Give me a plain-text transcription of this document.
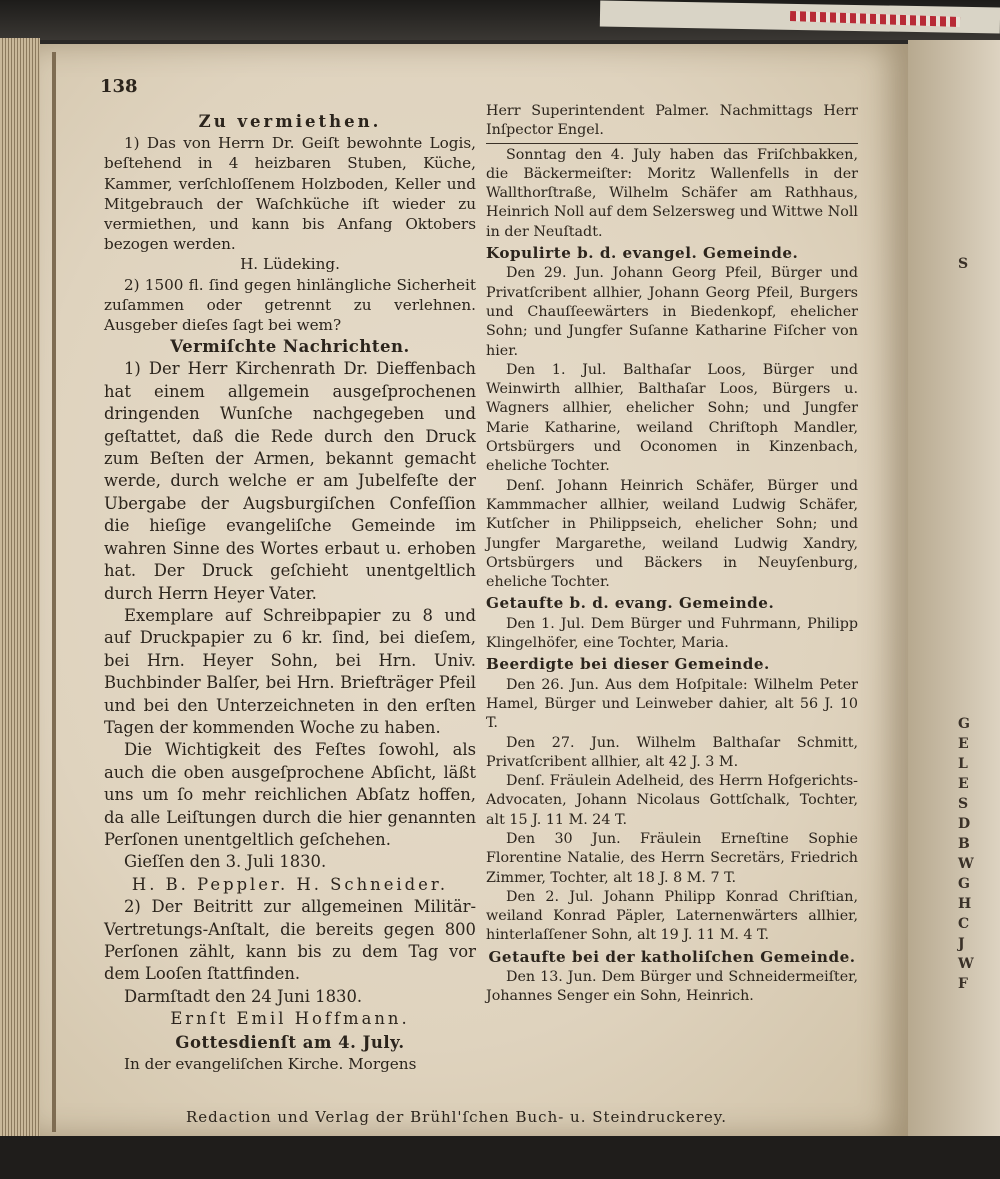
S
G
E
L
E
S
D
B
W
G
H
C
J
W
F
138
Zu vermiethen.

1) Das von Herrn Dr. Geiſt bewohnte Logis, beſtehend in 4 heizbaren Stuben, Küche, Kammer, verſchloſſenem Holzboden, Keller und Mitgebrauch der Waſchküche iſt wieder zu vermiethen, und kann bis Anfang Oktobers bezogen werden.

H. Lüdeking.

2) 1500 fl. ſind gegen hinlängliche Sicherheit zuſammen oder getrennt zu verlehnen. Ausgeber dieſes ſagt bei wem?

Vermiſchte Nachrichten.

1) Der Herr Kirchenrath Dr. Dieffenbach hat einem allgemein ausgeſprochenen dringenden Wunſche nachgegeben und geſtattet, daß die Rede durch den Druck zum Beſten der Armen, bekannt gemacht werde, durch welche er am Jubelfeſte der Ubergabe der Augsburgiſchen Confeſſion die hieſige evangeliſche Gemeinde im wahren Sinne des Wortes erbaut u. erhoben hat. Der Druck geſchieht unentgeltlich durch Herrn Heyer Vater.

Exemplare auf Schreibpapier zu 8 und auf Druckpapier zu 6 kr. ſind, bei dieſem, bei Hrn. Heyer Sohn, bei Hrn. Univ. Buchbinder Balſer, bei Hrn. Briefträger Pfeil und bei den Unterzeichneten in den erſten Tagen der kommenden Woche zu haben.

Die Wichtigkeit des Feſtes ſowohl, als auch die oben ausgeſprochene Abſicht, läßt uns um ſo mehr reichlichen Abſatz hoffen, da alle Leiſtungen durch die hier genannten Perſonen unentgeltlich geſchehen.

Gieſſen den 3. Juli 1830.

H. B. Peppler. H. Schneider.

2) Der Beitritt zur allgemeinen Militär-Vertretungs-Anſtalt, die bereits gegen 800 Perſonen zählt, kann bis zu dem Tag vor dem Looſen ſtattfinden.

Darmſtadt den 24 Juni 1830.

Ernſt Emil Hoffmann.

Gottesdienſt am 4. July.

In der evangeliſchen Kirche. Morgens

Herr Superintendent Palmer. Nachmittags Herr Inſpector Engel.

Sonntag den 4. July haben das Friſchbakken, die Bäckermeiſter: Moritz Wallenfells in der Wallthorſtraße, Wilhelm Schäfer am Rathhaus, Heinrich Noll auf dem Selzersweg und Wittwe Noll in der Neuſtadt.

Kopulirte b. d. evangel. Gemeinde.

Den 29. Jun. Johann Georg Pfeil, Bürger und Privatſcribent allhier, Johann Georg Pfeil, Burgers und Chauſſeewärters in Biedenkopf, ehelicher Sohn; und Jungfer Suſanne Katharine Fiſcher von hier.

Den 1. Jul. Balthaſar Loos, Bürger und Weinwirth allhier, Balthaſar Loos, Bürgers u. Wagners allhier, ehelicher Sohn; und Jungfer Marie Katharine, weiland Chriſtoph Mandler, Ortsbürgers und Oconomen in Kinzenbach, eheliche Tochter.

Denſ. Johann Heinrich Schäfer, Bürger und Kammmacher allhier, weiland Ludwig Schäfer, Kutſcher in Philippseich, ehelicher Sohn; und Jungfer Margarethe, weiland Ludwig Xandry, Ortsbürgers und Bäckers in Neuyſenburg, eheliche Tochter.

Getaufte b. d. evang. Gemeinde.

Den 1. Jul. Dem Bürger und Fuhrmann, Philipp Klingelhöfer, eine Tochter, Maria.

Beerdigte bei dieser Gemeinde.

Den 26. Jun. Aus dem Hoſpitale: Wilhelm Peter Hamel, Bürger und Leinweber dahier, alt 56 J. 10 T.

Den 27. Jun. Wilhelm Balthaſar Schmitt, Privatſcribent allhier, alt 42 J. 3 M.

Denſ. Fräulein Adelheid, des Herrn Hofgerichts-Advocaten, Johann Nicolaus Gottſchalk, Tochter, alt 15 J. 11 M. 24 T.

Den 30 Jun. Fräulein Erneſtine Sophie Florentine Natalie, des Herrn Secretärs, Friedrich Zimmer, Tochter, alt 18 J. 8 M. 7 T.

Den 2. Jul. Johann Philipp Konrad Chriſtian, weiland Konrad Päpler, Laternenwärters allhier, hinterlaſſener Sohn, alt 19 J. 11 M. 4 T.

Getaufte bei der katholiſchen Gemeinde.

Den 13. Jun. Dem Bürger und Schneidermeiſter, Johannes Senger ein Sohn, Heinrich.

Redaction und Verlag der Brühl'ſchen Buch- u. Steindruckerey.
